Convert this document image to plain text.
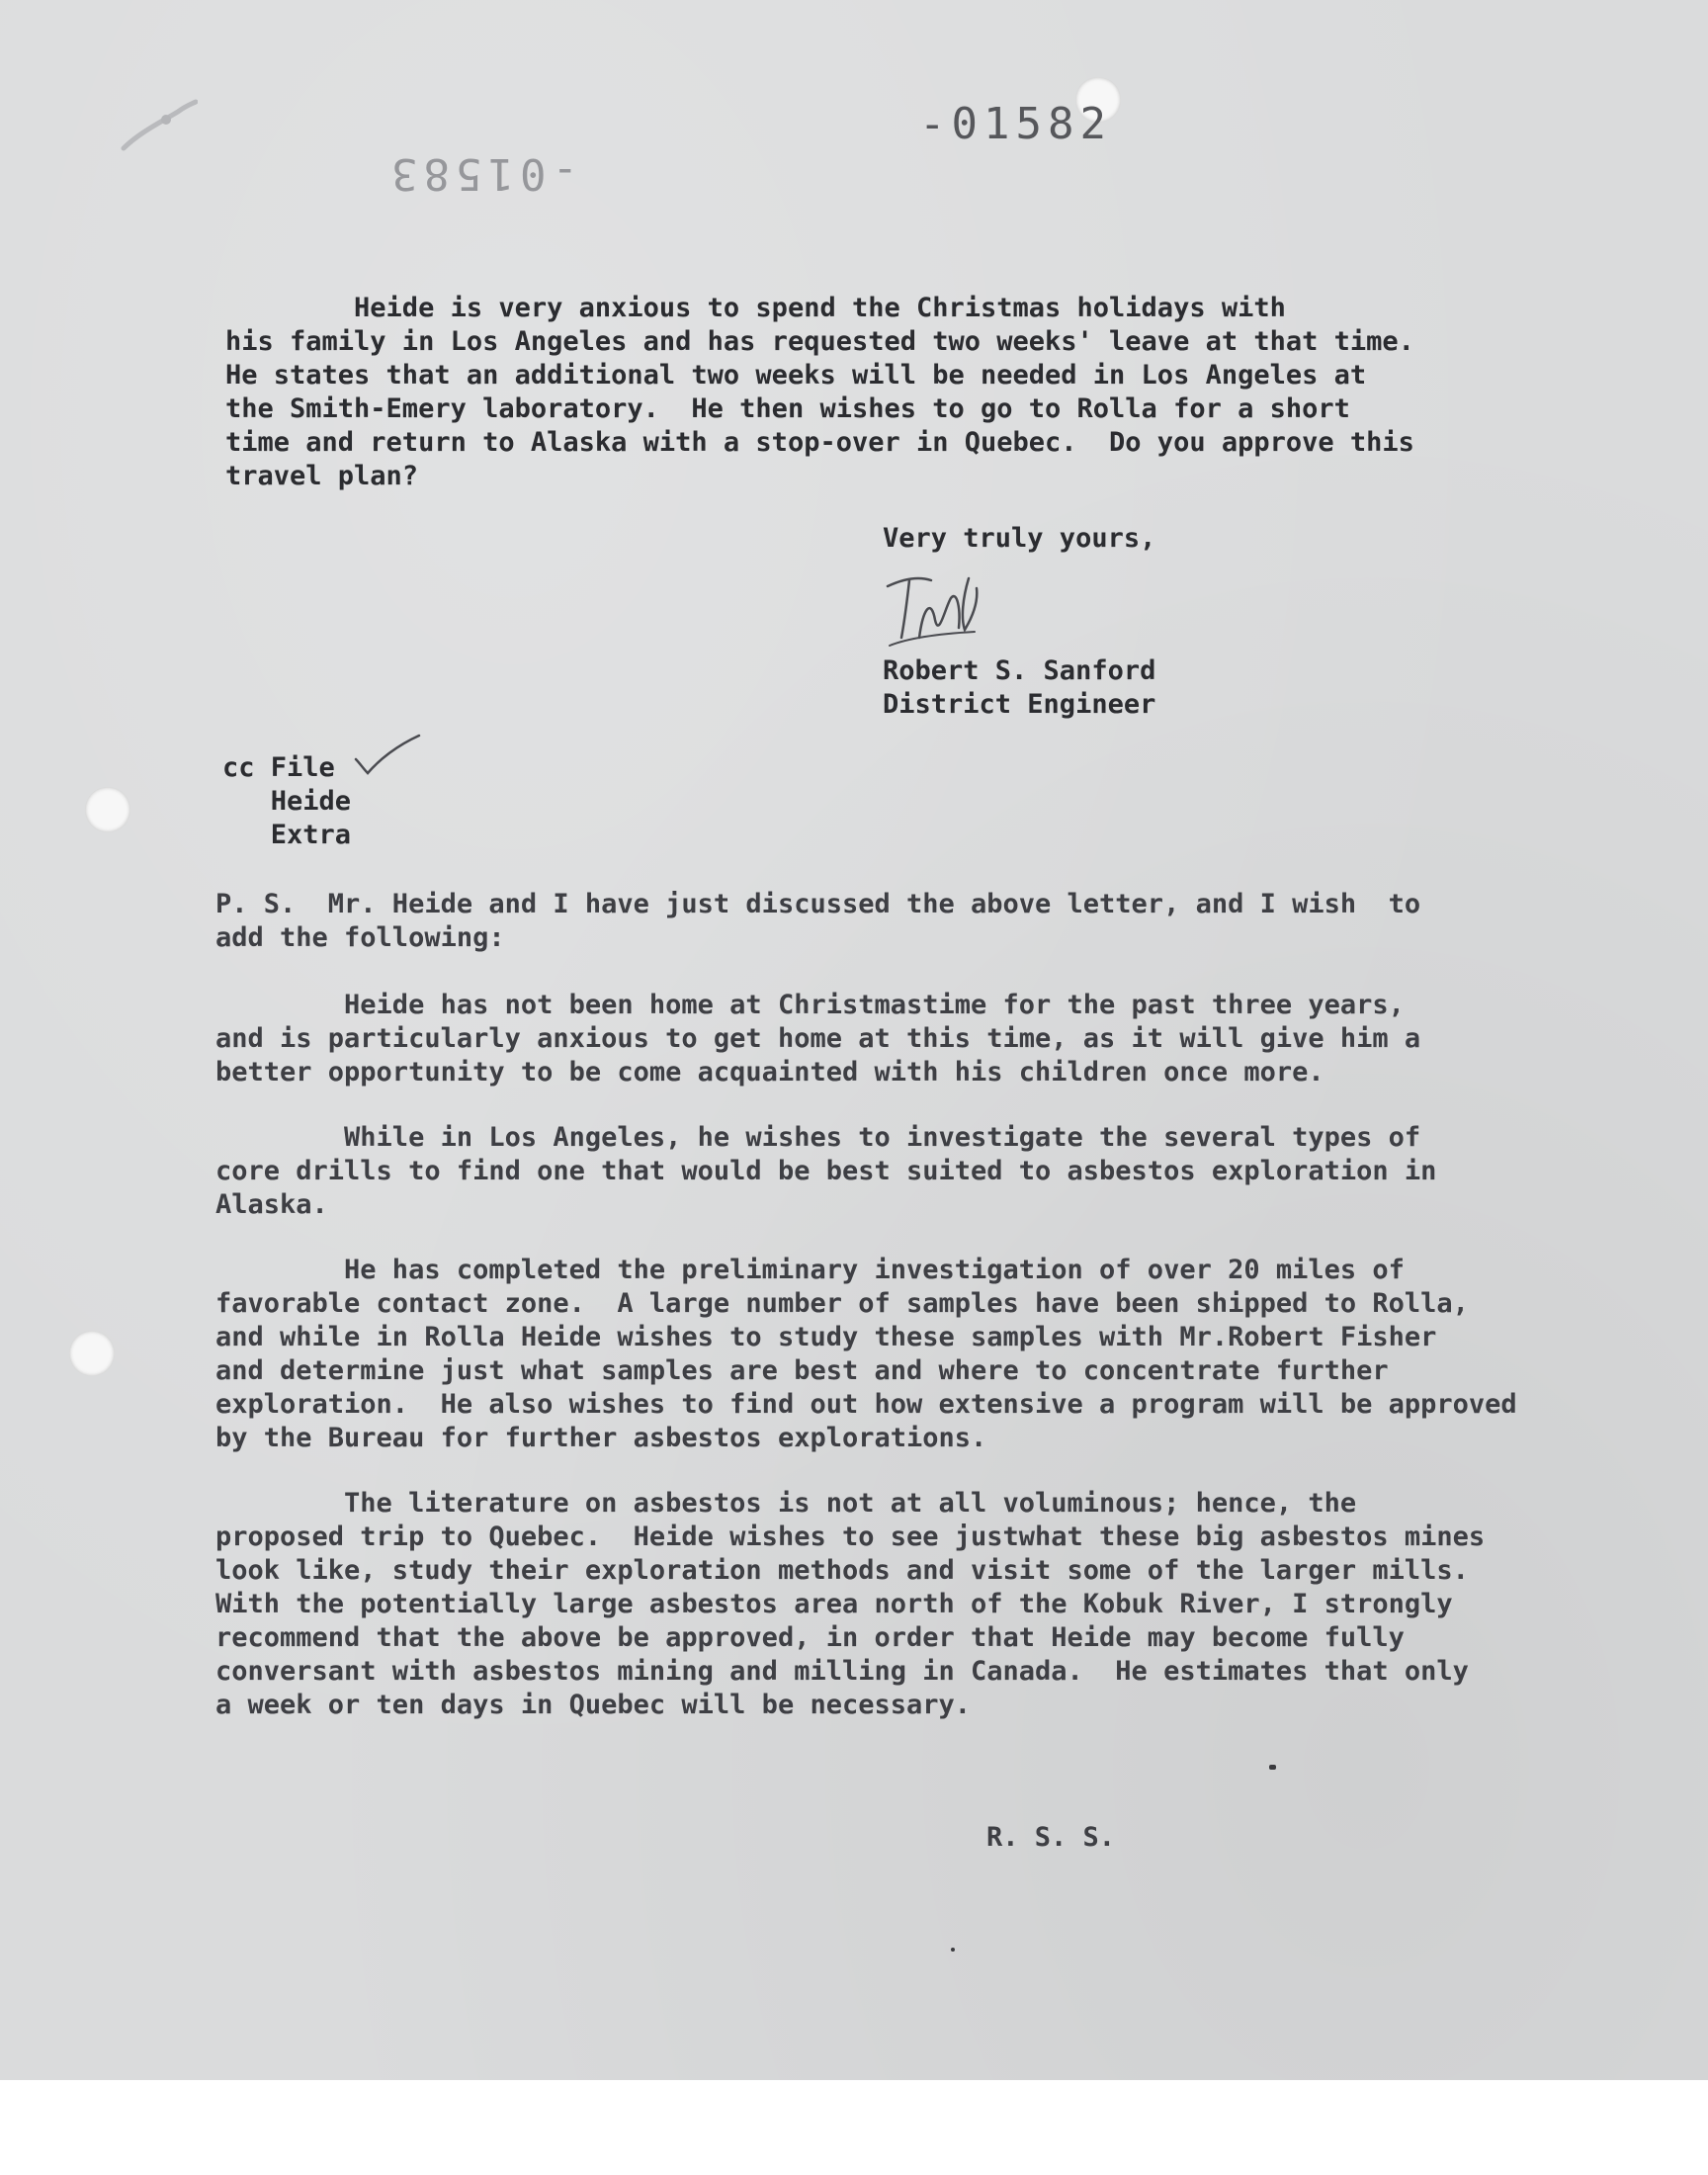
-01582
-01583
Heide is very anxious to spend the Christmas holidays with
his family in Los Angeles and has requested two weeks' leave at that time.
He states that an additional two weeks will be needed in Los Angeles at
the Smith-Emery laboratory.  He then wishes to go to Rolla for a short
time and return to Alaska with a stop-over in Quebec.  Do you approve this
travel plan?
Very truly yours,
Robert S. Sanford
District Engineer
cc File
Heide
Extra
P. S.  Mr. Heide and I have just discussed the above letter, and I wish  to
add the following:
Heide has not been home at Christmastime for the past three years,
and is particularly anxious to get home at this time, as it will give him a
better opportunity to be come acquainted with his children once more.
While in Los Angeles, he wishes to investigate the several types of
core drills to find one that would be best suited to asbestos exploration in
Alaska.
He has completed the preliminary investigation of over 20 miles of
favorable contact zone.  A large number of samples have been shipped to Rolla,
and while in Rolla Heide wishes to study these samples with Mr.Robert Fisher
and determine just what samples are best and where to concentrate further
exploration.  He also wishes to find out how extensive a program will be approved
by the Bureau for further asbestos explorations.
The literature on asbestos is not at all voluminous; hence, the
proposed trip to Quebec.  Heide wishes to see justwhat these big asbestos mines
look like, study their exploration methods and visit some of the larger mills.
With the potentially large asbestos area north of the Kobuk River, I strongly
recommend that the above be approved, in order that Heide may become fully
conversant with asbestos mining and milling in Canada.  He estimates that only
a week or ten days in Quebec will be necessary.
R. S. S.
